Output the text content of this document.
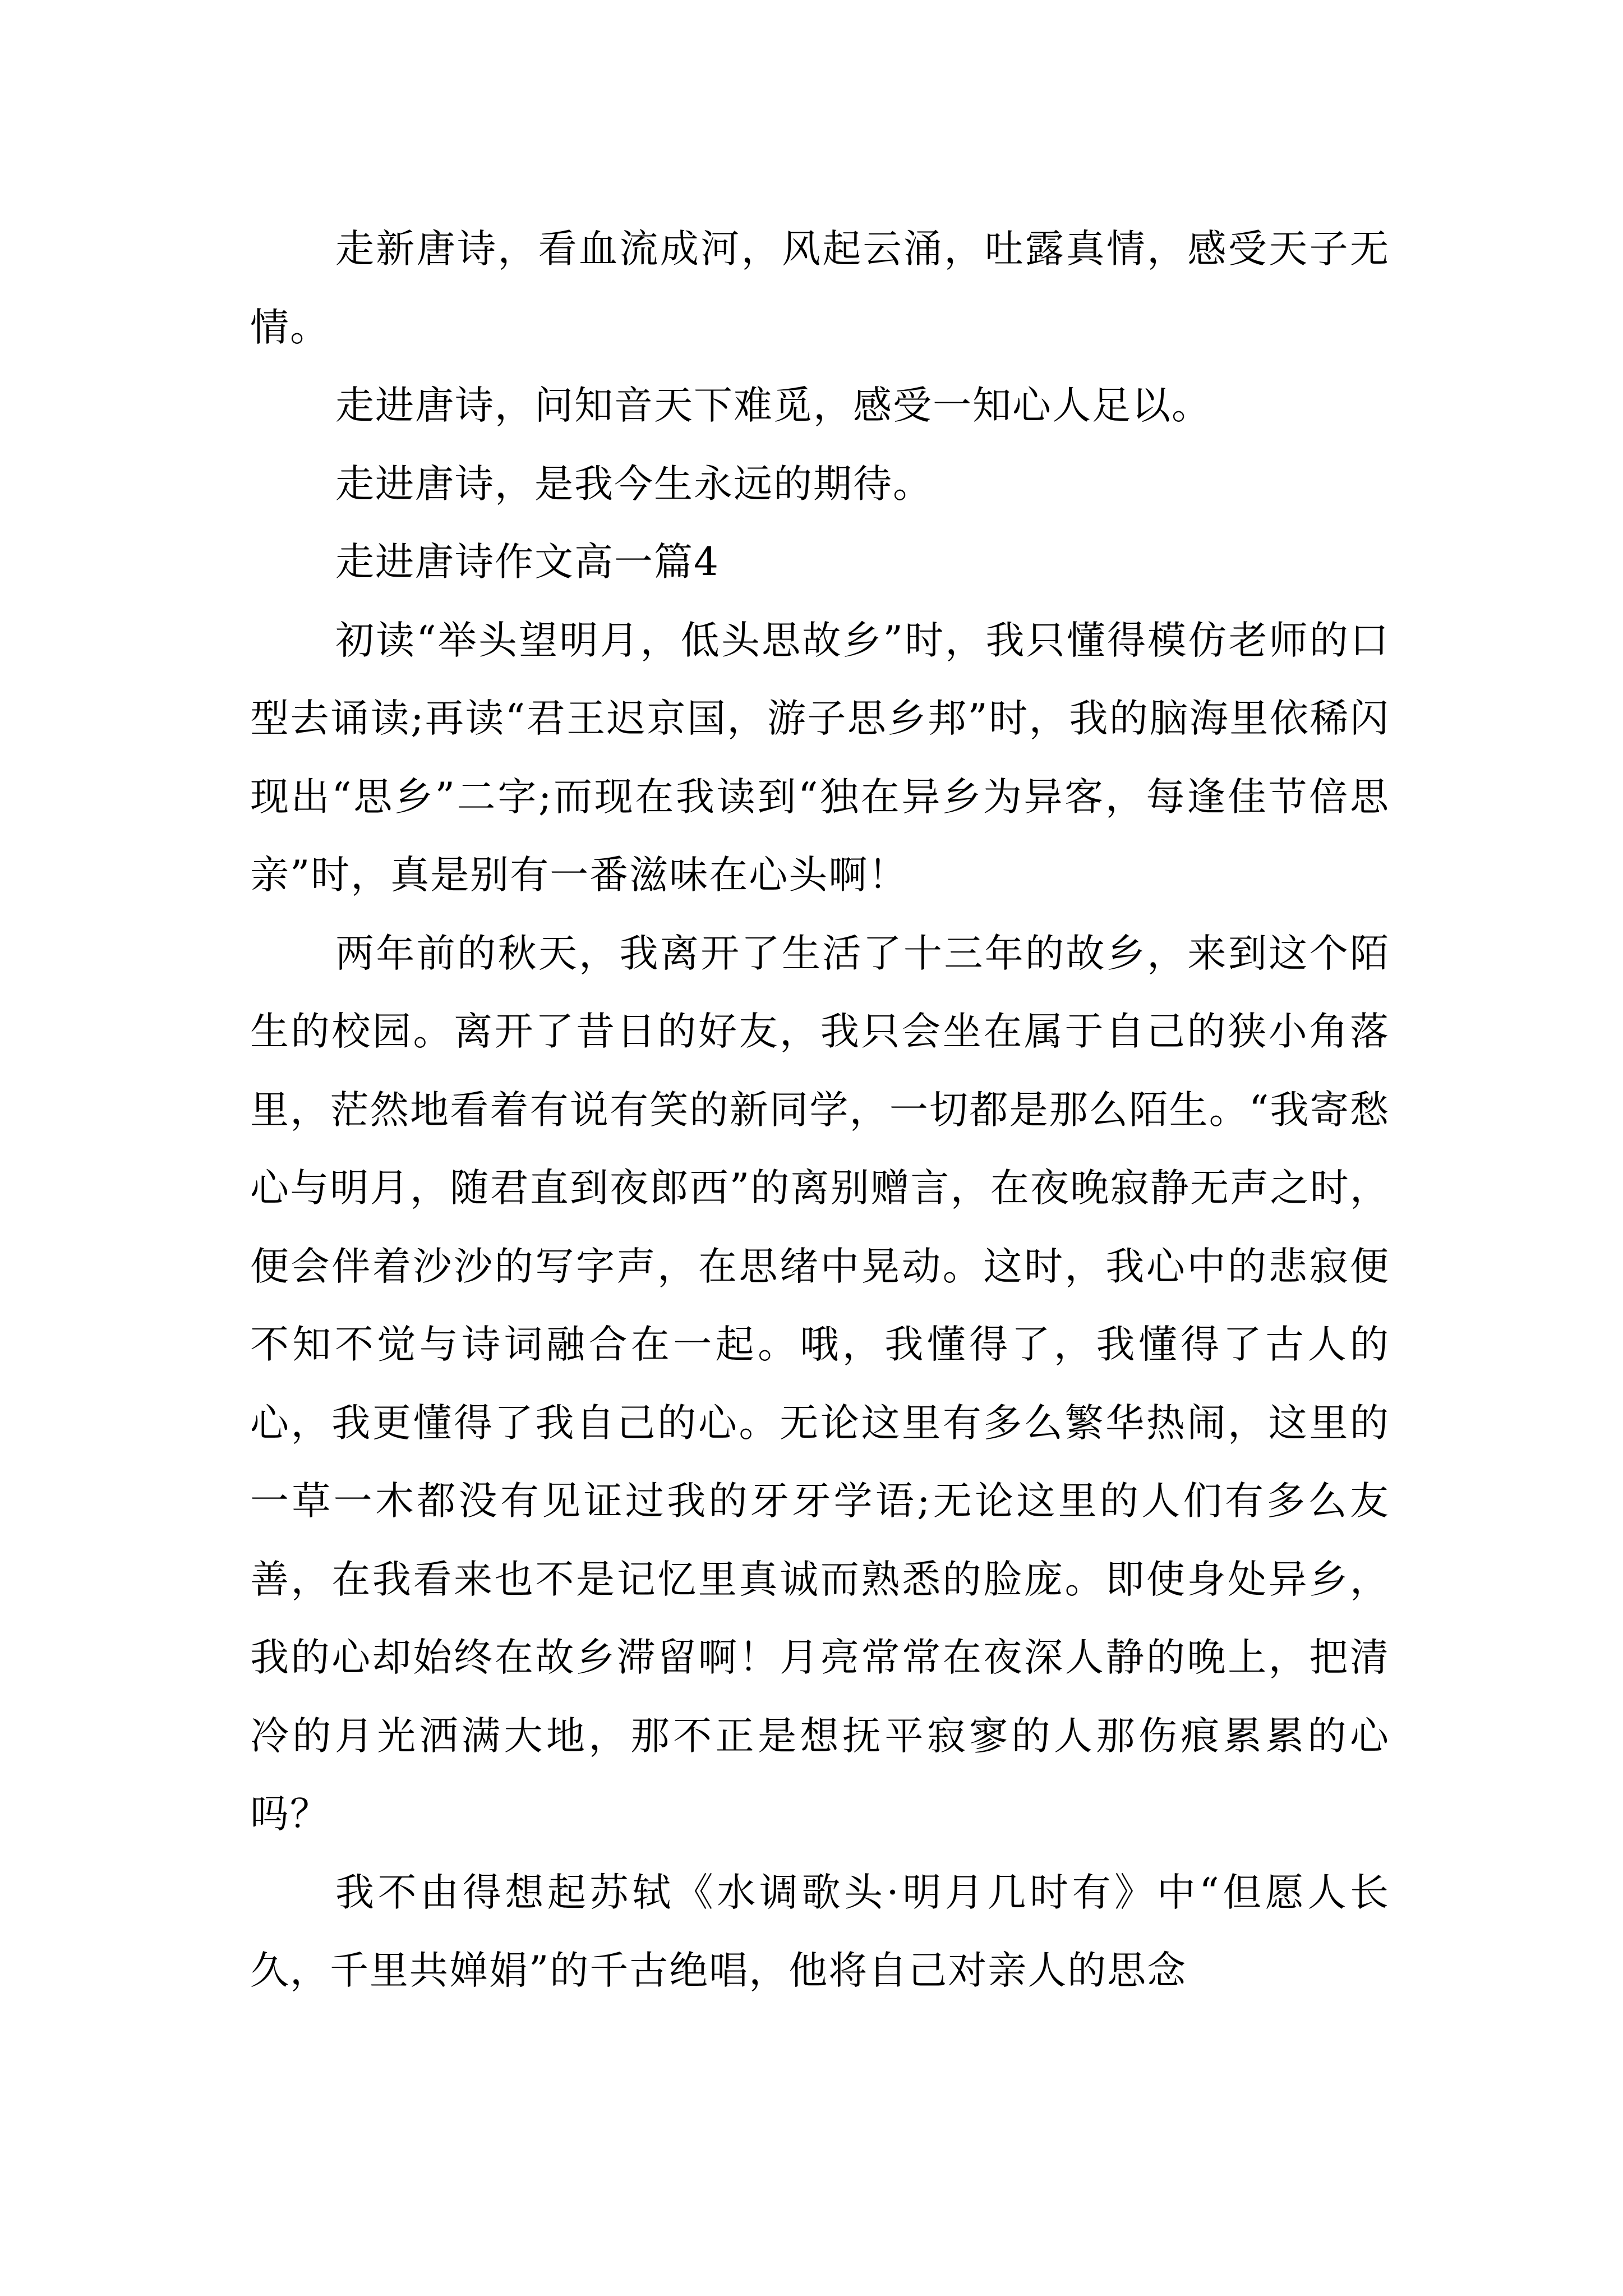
走新唐诗，看血流成河，风起云涌，吐露真情，感受天子无情。

走进唐诗，问知音天下难觅，感受一知心人足以。

走进唐诗，是我今生永远的期待。

走进唐诗作文高一篇4

初读“举头望明月，低头思故乡”时，我只懂得模仿老师的口型去诵读;再读“君王迟京国，游子思乡邦”时，我的脑海里依稀闪现出“思乡”二字;而现在我读到“独在异乡为异客，每逢佳节倍思亲”时，真是别有一番滋味在心头啊！

两年前的秋天，我离开了生活了十三年的故乡，来到这个陌生的校园。离开了昔日的好友，我只会坐在属于自己的狭小角落里，茫然地看着有说有笑的新同学，一切都是那么陌生。“我寄愁心与明月，随君直到夜郎西”的离别赠言，在夜晚寂静无声之时，便会伴着沙沙的写字声，在思绪中晃动。这时，我心中的悲寂便不知不觉与诗词融合在一起。哦，我懂得了，我懂得了古人的心，我更懂得了我自己的心。无论这里有多么繁华热闹，这里的一草一木都没有见证过我的牙牙学语;无论这里的人们有多么友善，在我看来也不是记忆里真诚而熟悉的脸庞。即使身处异乡，我的心却始终在故乡滞留啊！月亮常常在夜深人静的晚上，把清冷的月光洒满大地，那不正是想抚平寂寥的人那伤痕累累的心吗？

我不由得想起苏轼《水调歌头·明月几时有》中“但愿人长久，千里共婵娟”的千古绝唱，他将自己对亲人的思念
